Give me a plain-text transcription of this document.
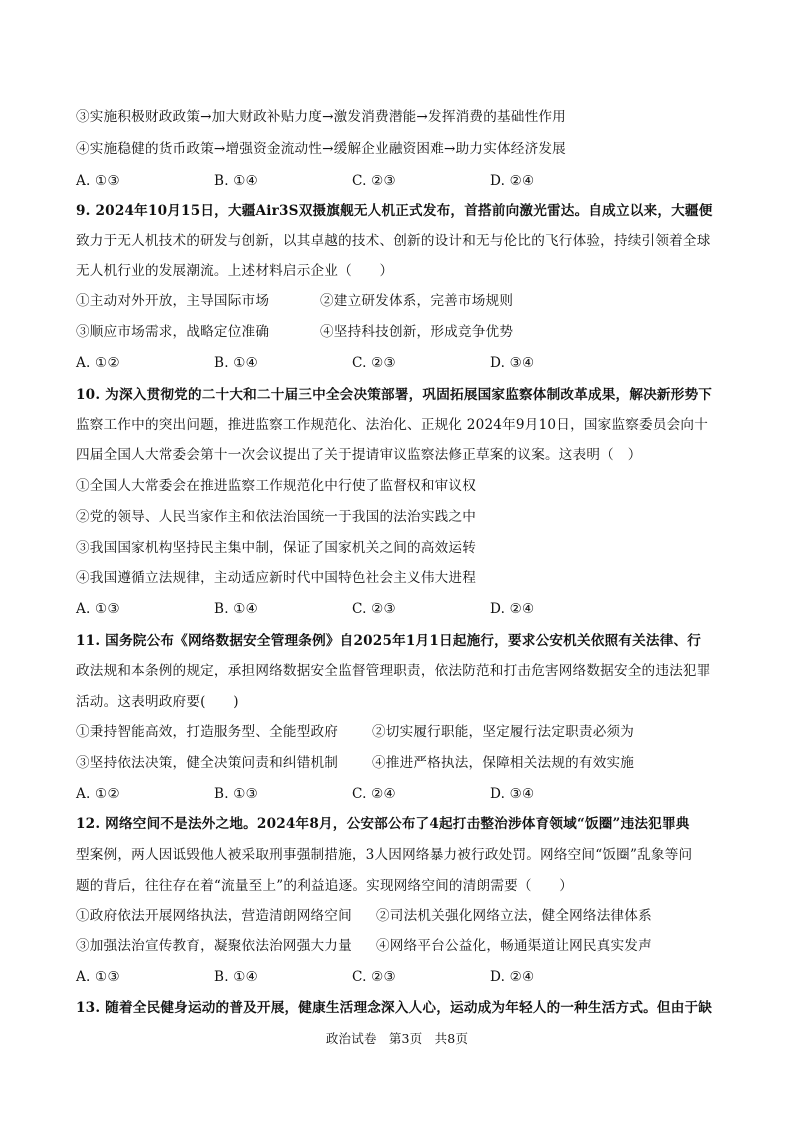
③实施积极财政政策→加大财政补贴力度→激发消费潜能→发挥消费的基础性作用
④实施稳健的货币政策→增强资金流动性→缓解企业融资困难→助力实体经济发展
A. ①③	B. ①④	C. ②③	D. ②④
9. 2024年10月15日，大疆Air3S双摄旗舰无人机正式发布，首搭前向激光雷达。自成立以来，大疆便
致力于无人机技术的研发与创新，以其卓越的技术、创新的设计和无与伦比的飞行体验，持续引领着全球
无人机行业的发展潮流。上述材料启示企业（　　）
①主动对外开放，主导国际市场	②建立研发体系，完善市场规则
③顺应市场需求，战略定位准确	④坚持科技创新，形成竞争优势
A. ①②	B. ①④	C. ②③	D. ③④
10. 为深入贯彻党的二十大和二十届三中全会决策部署，巩固拓展国家监察体制改革成果，解决新形势下
监察工作中的突出问题，推进监察工作规范化、法治化、正规化 2024年9月10日，国家监察委员会向十
四届全国人大常委会第十一次会议提出了关于提请审议监察法修正草案的议案。这表明（　）
①全国人大常委会在推进监察工作规范化中行使了监督权和审议权
②党的领导、人民当家作主和依法治国统一于我国的法治实践之中
③我国国家机构坚持民主集中制，保证了国家机关之间的高效运转
④我国遵循立法规律，主动适应新时代中国特色社会主义伟大进程
A. ①③	B. ①④	C. ②③	D. ②④
11. 国务院公布《网络数据安全管理条例》自2025年1月1日起施行，要求公安机关依照有关法律、行
政法规和本条例的规定，承担网络数据安全监督管理职责，依法防范和打击危害网络数据安全的违法犯罪
活动。这表明政府要(　　)
①秉持智能高效，打造服务型、全能型政府 ②切实履行职能，坚定履行法定职责必须为
③坚持依法决策，健全决策问责和纠错机制 ④推进严格执法，保障相关法规的有效实施
A. ①②	B. ①③	C. ②④	D. ③④
12. 网络空间不是法外之地。2024年8月，公安部公布了4起打击整治涉体育领域“饭圈”违法犯罪典
型案例，两人因诋毁他人被采取刑事强制措施，3人因网络暴力被行政处罚。网络空间“饭圈”乱象等问
题的背后，往往存在着“流量至上”的利益追逐。实现网络空间的清朗需要（　　）
①政府依法开展网络执法，营造清朗网络空间 ②司法机关强化网络立法，健全网络法律体系
③加强法治宣传教育，凝聚依法治网强大力量 ④网络平台公益化，畅通渠道让网民真实发声
A. ①③	B. ①④	C. ②③	D. ②④
13. 随着全民健身运动的普及开展，健康生活理念深入人心，运动成为年轻人的一种生活方式。但由于缺
政治试卷 第3页 共8页
